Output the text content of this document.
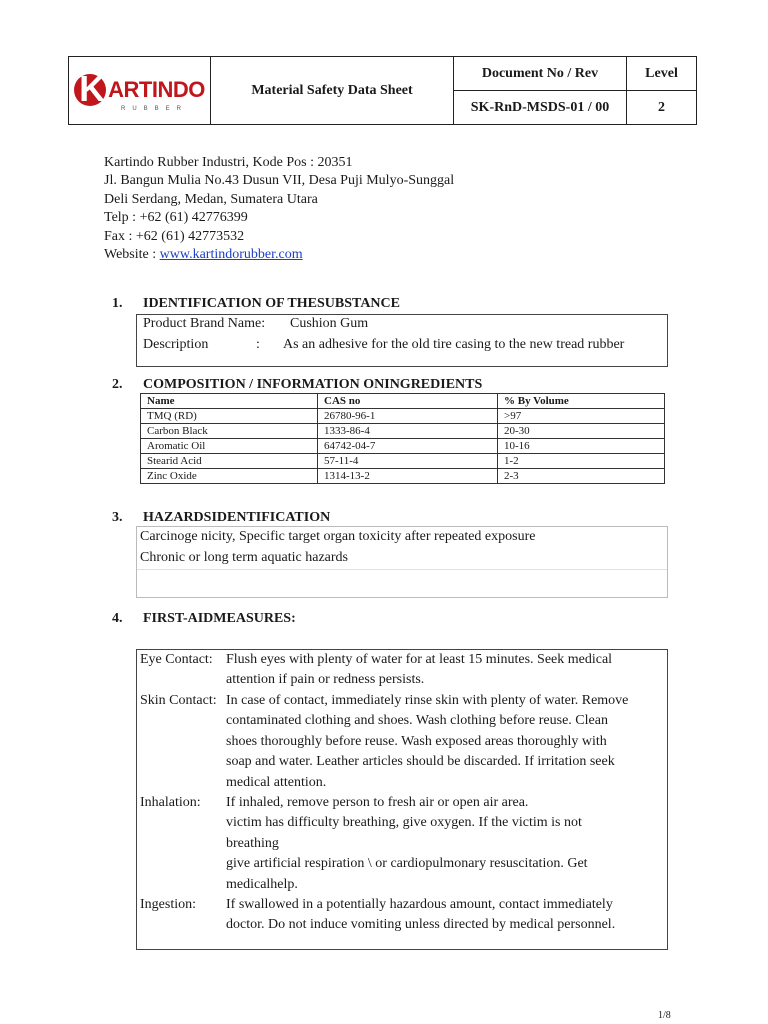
K ARTINDO
RUBBER	Material Safety Data Sheet	Document No / Rev	Level
		SK-RnD-MSDS-01 / 00	2
Kartindo Rubber Industri, Kode Pos : 20351
Jl. Bangun Mulia No.43 Dusun VII, Desa Puji Mulyo-Sunggal
Deli Serdang, Medan, Sumatera Utara
Telp : +62 (61) 42776399
Fax : +62 (61) 42773532
Website : www.kartindorubber.com
1. IDENTIFICATION OF THESUBSTANCE
Product Brand Name: Cushion Gum
Description	: As an adhesive for the old tire casing to the new tread rubber
2. COMPOSITION / INFORMATION ONINGREDIENTS
Name	CAS no	% By Volume
TMQ (RD)	26780-96-1	>97
Carbon Black	1333-86-4	20-30
Aromatic Oil	64742-04-7	10-16
Stearid Acid	57-11-4	1-2
Zinc Oxide	1314-13-2	2-3
3. HAZARDSIDENTIFICATION
Carcinoge nicity, Specific target organ toxicity after repeated exposure
Chronic or long term aquatic hazards
4. FIRST-AIDMEASURES:
Eye Contact: Flush eyes with plenty of water for at least 15 minutes. Seek medical
attention if pain or redness persists.
Skin Contact: In case of contact, immediately rinse skin with plenty of water. Remove
contaminated clothing and shoes. Wash clothing before reuse. Clean
shoes thoroughly before reuse. Wash exposed areas thoroughly with
soap and water. Leather articles should be discarded. If irritation seek
medical attention.
Inhalation: If inhaled, remove person to fresh air or open air area.
victim has difficulty breathing, give oxygen. If the victim is not
breathing
give artificial respiration \ or cardiopulmonary resuscitation. Get
medicalhelp.
Ingestion: If swallowed in a potentially hazardous amount, contact immediately
doctor. Do not induce vomiting unless directed by medical personnel.
1/8
